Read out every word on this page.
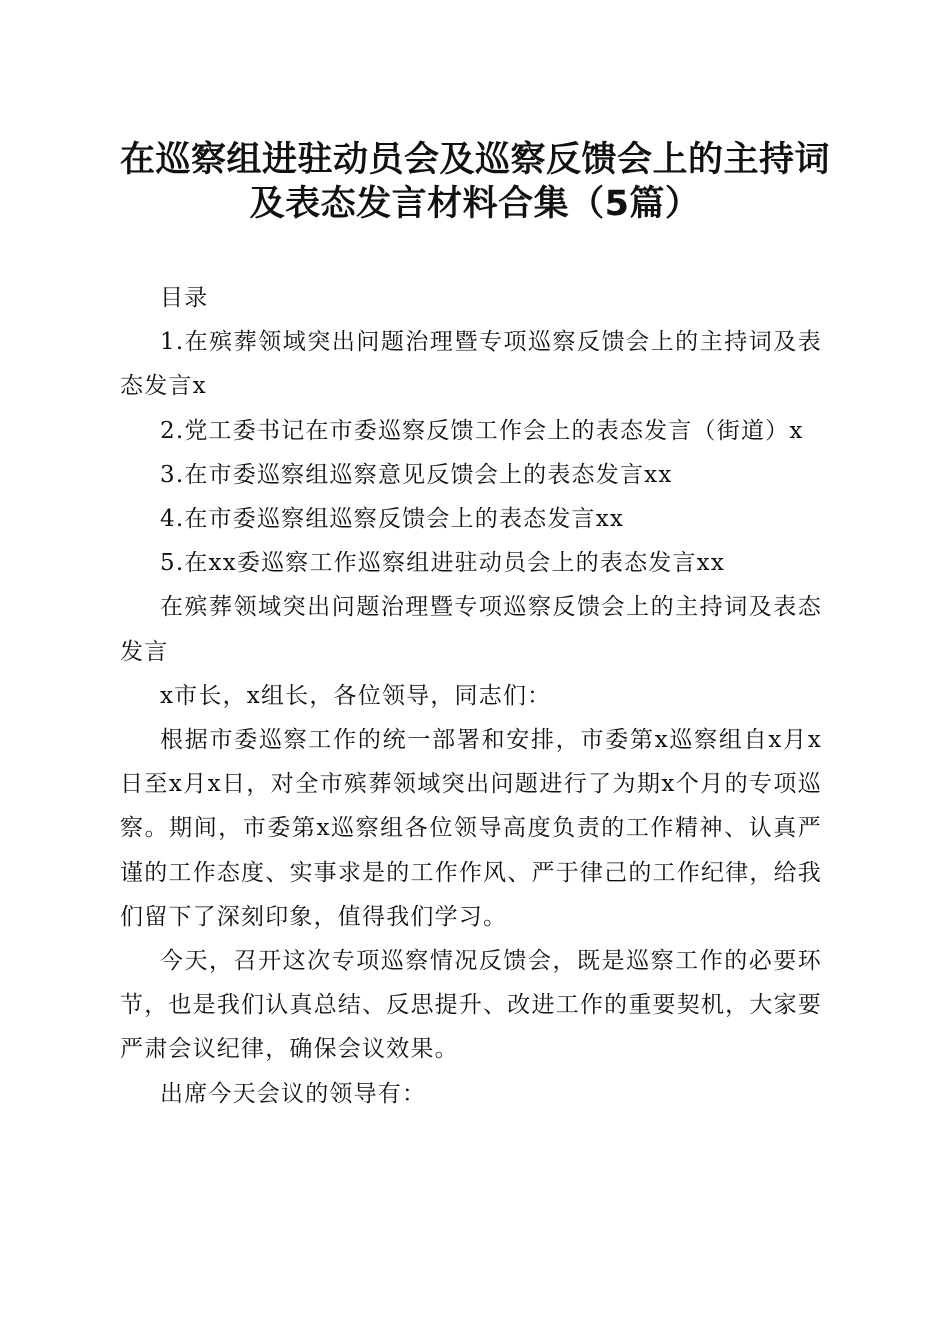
在巡察组进驻动员会及巡察反馈会上的主持词
及表态发言材料合集（5篇）

目录

1.在殡葬领域突出问题治理暨专项巡察反馈会上的主持词及表态发言x

2.党工委书记在市委巡察反馈工作会上的表态发言（街道）x

3.在市委巡察组巡察意见反馈会上的表态发言xx

4.在市委巡察组巡察反馈会上的表态发言xx

5.在xx委巡察工作巡察组进驻动员会上的表态发言xx

在殡葬领域突出问题治理暨专项巡察反馈会上的主持词及表态发言

x市长，x组长，各位领导，同志们：

根据市委巡察工作的统一部署和安排，市委第x巡察组自x月x日至x月x日，对全市殡葬领域突出问题进行了为期x个月的专项巡察。期间，市委第x巡察组各位领导高度负责的工作精神、认真严谨的工作态度、实事求是的工作作风、严于律己的工作纪律，给我们留下了深刻印象，值得我们学习。

今天，召开这次专项巡察情况反馈会，既是巡察工作的必要环节，也是我们认真总结、反思提升、改进工作的重要契机，大家要严肃会议纪律，确保会议效果。

出席今天会议的领导有：
